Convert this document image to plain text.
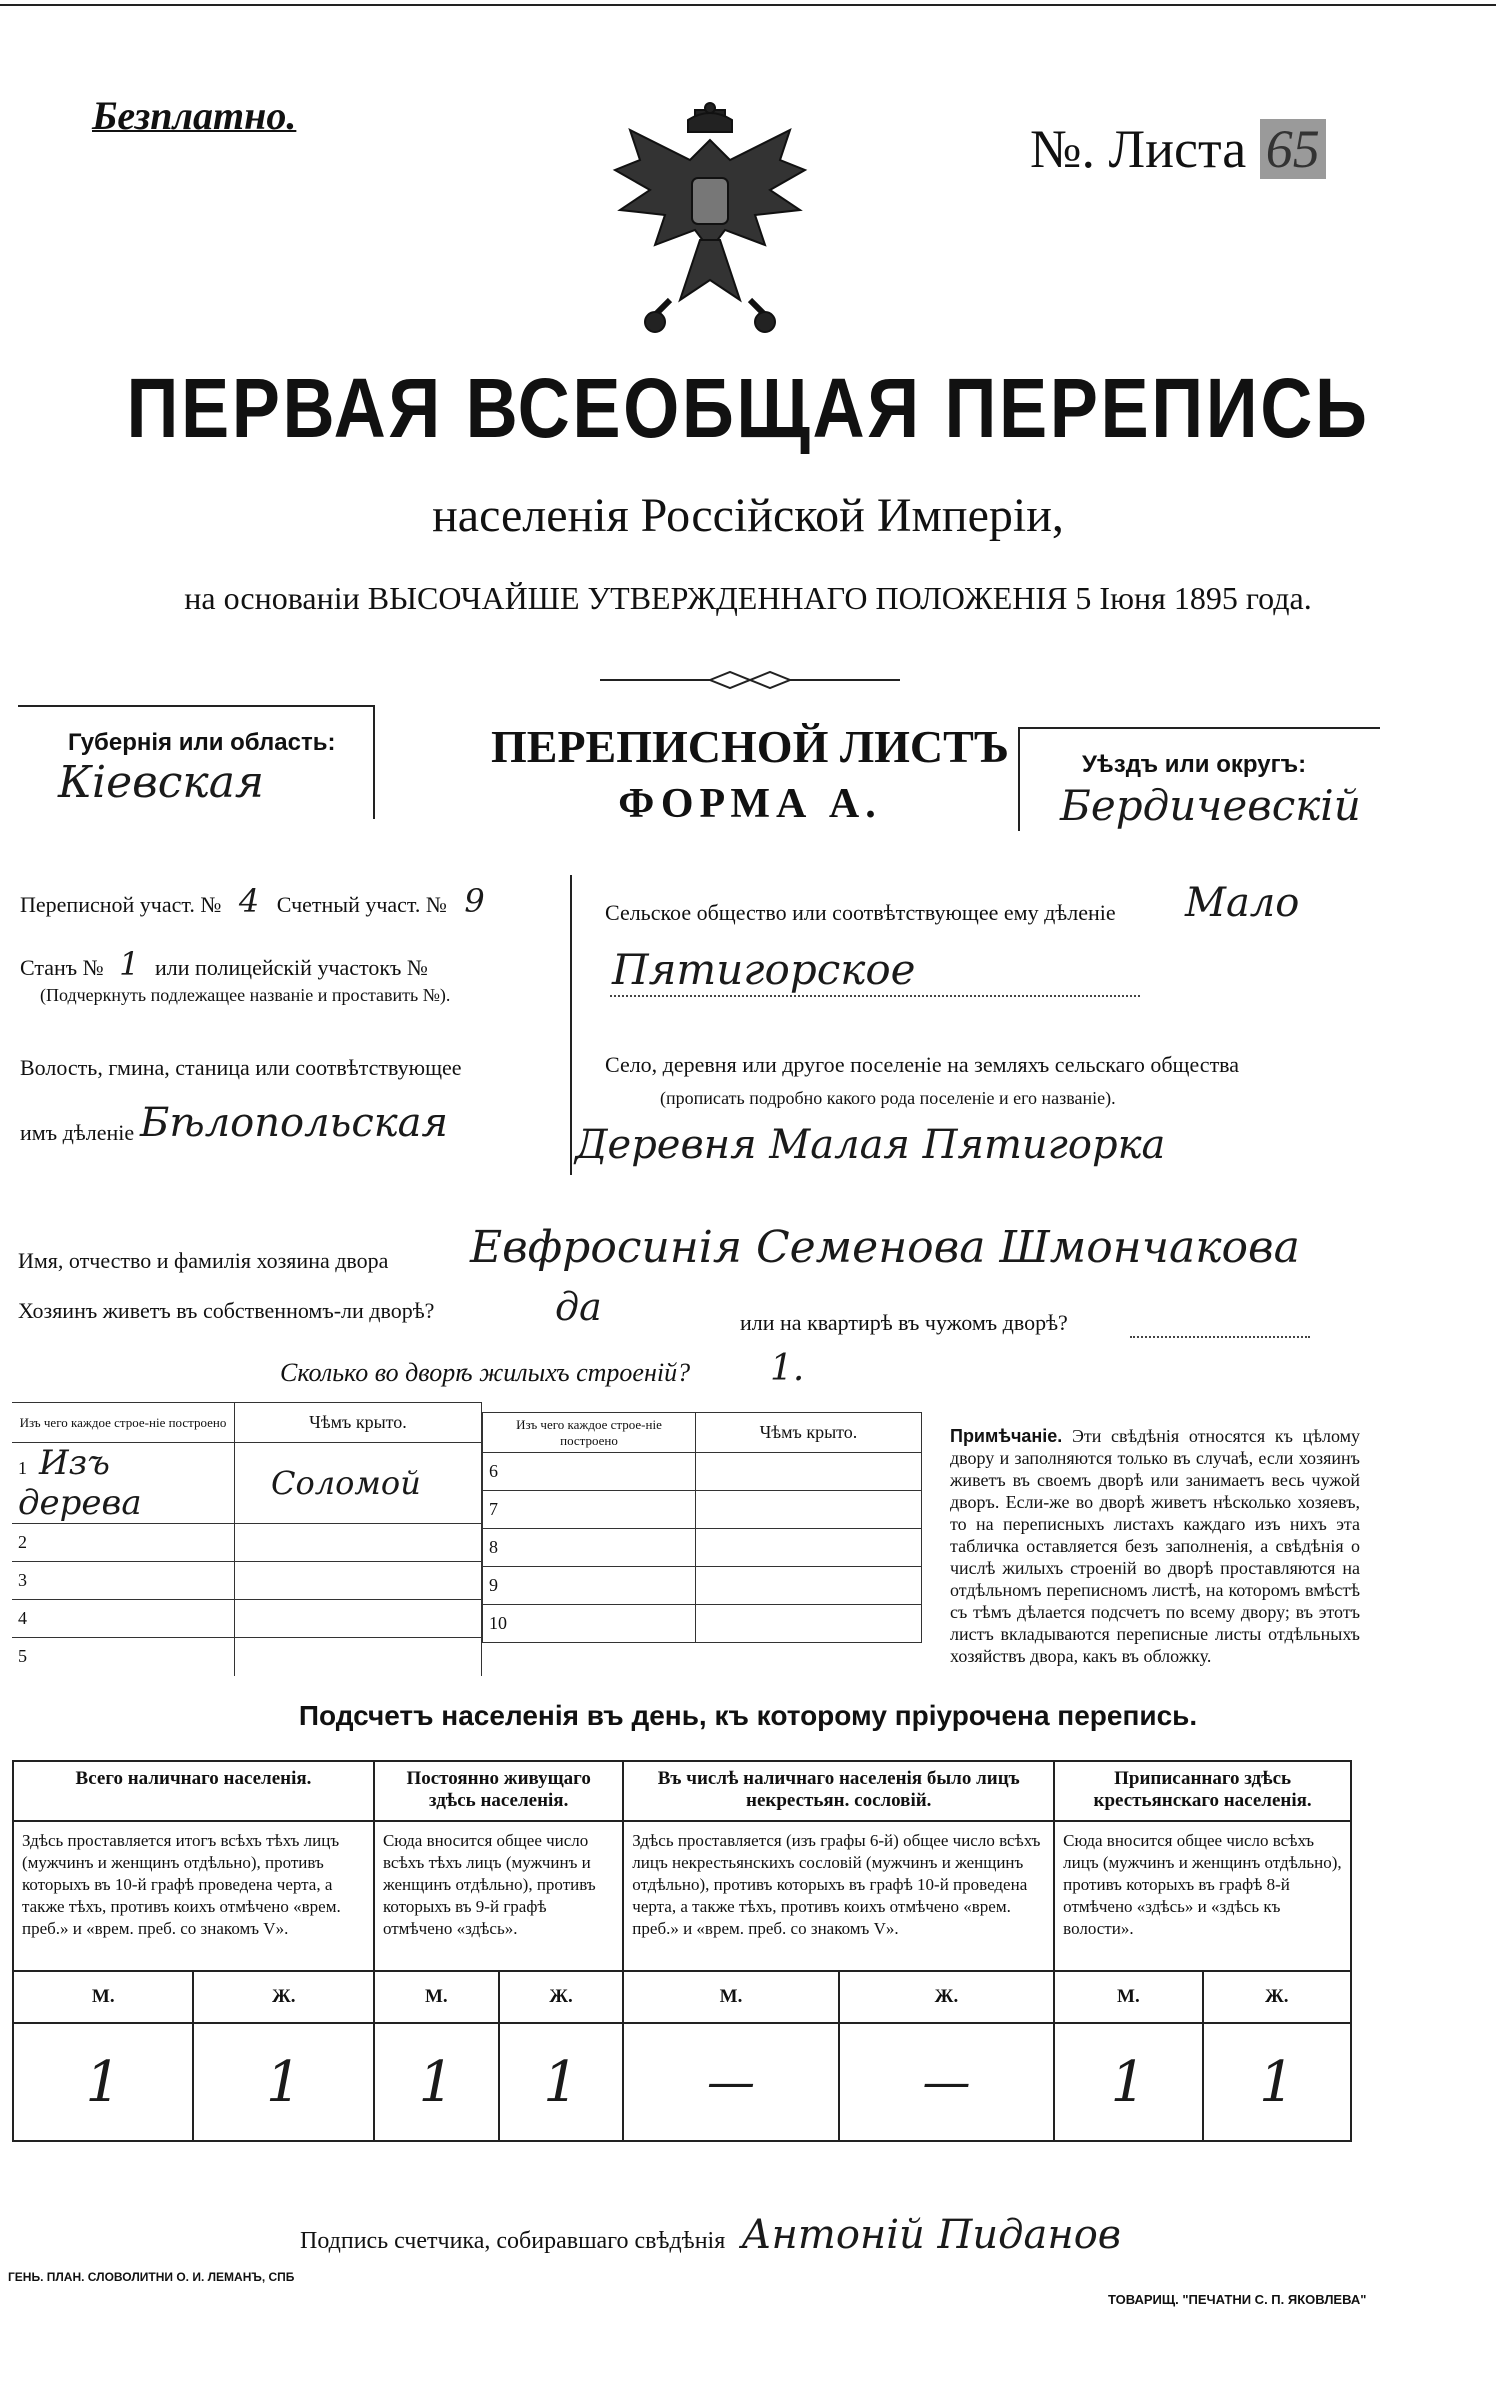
Безплатно.
№. Листа 65
ПЕРВАЯ ВСЕОБЩАЯ ПЕРЕПИСЬ
населенія Россійской Имперіи,
на основаніи ВЫСОЧАЙШЕ УТВЕРЖДЕННАГО ПОЛОЖЕНІЯ 5 Іюня 1895 года.
Губернія или область:
Кіевская
ПЕРЕПИСНОЙ ЛИСТЪ
ФОРМА А.
Уѣздъ или округъ:
Бердичевскій
Переписной участ. № 4 Счетный участ. № 9
Станъ № 1 или полицейскій участокъ №
(Подчеркнуть подлежащее названіе и проставить №).
Волость, гмина, станица или соотвѣтствующее
имъ дѣленіе Бѣлопольская
Сельское общество или соотвѣтствующее ему дѣленіе Мало
Пятигорское
Село, деревня или другое поселеніе на земляхъ сельскаго общества
(прописать подробно какого рода поселеніе и его названіе).
Деревня Малая Пятигорка
Имя, отчество и фамилія хозяина двора Евфросинія Семенова Шмончакова
Хозяинъ живетъ въ собственномъ-ли дворѣ?	да	или на квартирѣ въ чужомъ дворѣ?
Сколько во дворѣ жилыхъ строеній? 1.
Изъ чего каждое строе-ніе построено	Чѣмъ крыто.
1 Изъ дерева	Соломой
2	
3	
4	
5	
Изъ чего каждое строе-ніе построено	Чѣмъ крыто.
6	
7	
8	
9	
10	
Примѣчаніе. Эти свѣдѣнія относятся къ цѣлому двору и заполняются только въ случаѣ, если хозяинъ живетъ въ своемъ дворѣ или занимаетъ весь чужой дворъ. Если-же во дворѣ живетъ нѣсколько хозяевъ, то на переписныхъ листахъ каждаго изъ нихъ эта табличка оставляется безъ заполненія, а свѣдѣнія о числѣ жилыхъ строеній во дворѣ проставляются на отдѣльномъ переписномъ листѣ, на которомъ вмѣстѣ съ тѣмъ дѣлается подсчетъ по всему двору; въ этотъ листъ вкладываются переписные листы отдѣльныхъ хозяйствъ двора, какъ въ обложку.
Подсчетъ населенія въ день, къ которому пріурочена перепись.
Всего наличнаго населенія.		Постоянно живущаго здѣсь населенія.		Въ числѣ наличнаго населенія было лицъ некрестьян. сословій.		Приписаннаго здѣсь крестьянскаго населенія.	
Здѣсь проставляется итогъ всѣхъ тѣхъ лицъ (мужчинъ и женщинъ отдѣльно), противъ которыхъ въ 10-й графѣ проведена черта, а также тѣхъ, противъ коихъ отмѣчено «врем. преб.» и «врем. преб. со знакомъ V».		Сюда вносится общее число всѣхъ тѣхъ лицъ (мужчинъ и женщинъ отдѣльно), противъ которыхъ въ 9-й графѣ отмѣчено «здѣсь».		Здѣсь проставляется (изъ графы 6-й) общее число всѣхъ лицъ некрестьянскихъ сословій (мужчинъ и женщинъ отдѣльно), противъ которыхъ въ графѣ 10-й проведена черта, а также тѣхъ, противъ коихъ отмѣчено «врем. преб.» и «врем. преб. со знакомъ V».		Сюда вносится общее число всѣхъ лицъ (мужчинъ и женщинъ отдѣльно), противъ которыхъ въ графѣ 8-й отмѣчено «здѣсь» и «здѣсь къ волости».	
М.	Ж.	М.	Ж.	М.	Ж.	М.	Ж.
1	1	1	1	—	—	1	1
Подпись счетчика, собиравшаго свѣдѣнія Антоній Пиданов
ГЕНЬ. ПЛАН. СЛОВОЛИТНИ О. И. ЛЕМАНЪ, СПБ
ТОВАРИЩ. "ПЕЧАТНИ С. П. ЯКОВЛЕВА"
